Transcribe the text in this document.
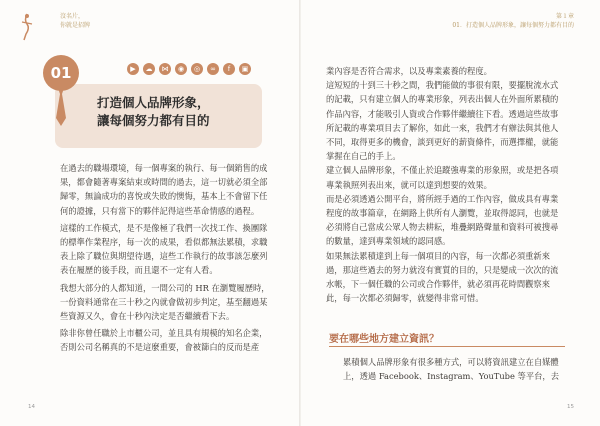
沒名片，
你就是招牌
第１章
01．打造個人品牌形象，讓每個努力都有目的
01	▶	☁	⋈	◉	◎	∞	f	▣
打造個人品牌形象，
讓每個努力都有目的

在過去的職場環境，每一個專案的執行、每一個銷售的成果，都會隨著專案結束或時間的過去，這一切就必須全部歸零，無論成功的喜悅或失敗的懊悔，基本上不會留下任何的證據，只有當下的夥伴記得這些革命情感的過程。

這樣的工作模式，是不是像極了我們一次找工作、換團隊的標準作業程序，每一次的成果，看似都無法累積，求職表上除了職位與期望待遇，這些工作執行的故事該怎麼列表在履歷的後手段，而且還不一定有人看。

我想大部分的人都知道，一間公司的 HR 在瀏覽履歷時，一份資料通常在三十秒之內就會做初步判定，基至翻過某些資源又久，會在十秒內決定是否繼續看下去。

除非你曾任職於上市櫃公司，並且具有規模的知名企業，否則公司名稱真的不是這麼重要，會被篩白的反而是產

業內容是否符合需求，以及專業素養的程度。

這短短的十到三十秒之間，我們能做的事很有限，要擺脫流水式的記載，只有建立個人的專業形象，列表出個人在外面所累積的作品內容，才能吸引人資或合作夥伴繼續往下看。透過這些故事所記載的專業項目去了解你，如此一來，我們才有辦法與其他人不同，取得更多的機會，談到更好的薪資條件，而選擇權，就能掌握在自己的手上。

建立個人品牌形象，不僅止於追蹤強專業的形象照，或是把各項專業執照列表出來，就可以達到想要的效果。

而是必須透過公開平台，將所經手過的工作內容，做成具有專業程度的故事篇章，在網路上供所有人瀏覽，並取得認同，也就是必須將自己當成公眾人物去耕耘，堆疊網路聲量和資料可被搜尋的數量，達到專業領域的認同感。

如果無法累積達到上每一個項目的內容，每一次都必須重新來過，那這些過去的努力就沒有實質的目的，只是變成一次次的流水帳，下一個任職的公司或合作夥伴，就必須再花時間觀察來此，每一次都必須歸零，就變得非常可惜。

要在哪些地方建立資訊？

累積個人品牌形象有很多種方式，可以將資訊建立在自媒體上，透過 Facebook、Instagram、YouTube 等平台，去

14	15
